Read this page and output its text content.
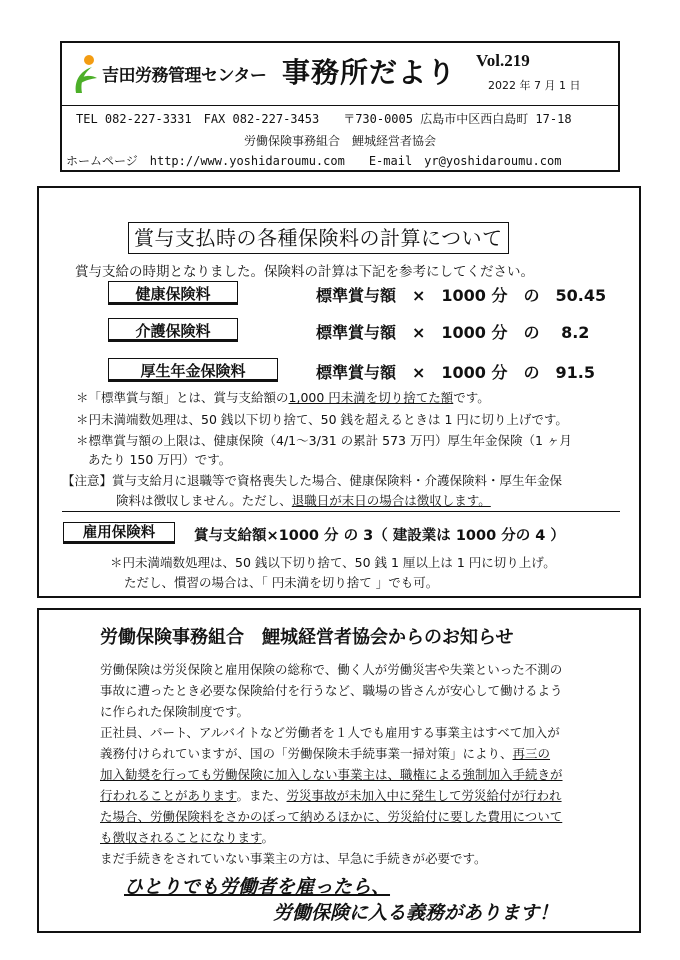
吉田労務管理センター 事務所だより Vol.219
2022 年 7 月 1 日
TEL 082-227-3331　FAX 082-227-3453　　〒730-0005 広島市中区西白島町 17-18
労働保険事務組合　鯉城経営者協会
ホームページ　http://www.yoshidaroumu.com　　E-mail　yr@yoshidaroumu.com
賞与支払時の各種保険料の計算について
賞与支給の時期となりました。保険料の計算は下記を参考にしてください。
健康保険料	標準賞与額　×　1000 分　の　50.45
介護保険料	標準賞与額　×　1000 分　の　 8.2
厚生年金保険料	標準賞与額　×　1000 分　の　91.5
＊「標準賞与額」とは、賞与支給額の1,000 円未満を切り捨てた額です。
＊円未満端数処理は、50 銭以下切り捨て、50 銭を超えるときは 1 円に切り上げです。
＊標準賞与額の上限は、健康保険（4/1～3/31 の累計 573 万円）厚生年金保険（1 ヶ月
あたり 150 万円）です。
【注意】賞与支給月に退職等で資格喪失した場合、健康保険料・介護保険料・厚生年金保
険料は徴収しません。ただし、退職日が末日の場合は徴収します。
雇用保険料	賞与支給額×1000 分 の 3（ 建設業は 1000 分の 4 ）
＊円未満端数処理は、50 銭以下切り捨て、50 銭 1 厘以上は 1 円に切り上げ。
ただし、慣習の場合は、「 円未満を切り捨て 」でも可。
労働保険事務組合　鯉城経営者協会からのお知らせ
労働保険は労災保険と雇用保険の総称で、働く人が労働災害や失業といった不測の
事故に遭ったとき必要な保険給付を行うなど、職場の皆さんが安心して働けるよう
に作られた保険制度です。
正社員、パート、アルバイトなど労働者を１人でも雇用する事業主はすべて加入が
義務付けられていますが、国の「労働保険未手続事業一掃対策」により、再三の
加入勧奨を行っても労働保険に加入しない事業主は、職権による強制加入手続きが
行われることがあります。また、労災事故が未加入中に発生して労災給付が行われ
た場合、労働保険料をさかのぼって納めるほかに、労災給付に要した費用について
も徴収されることになります。
まだ手続きをされていない事業主の方は、早急に手続きが必要です。
ひとりでも労働者を雇ったら、
労働保険に入る義務があります！
